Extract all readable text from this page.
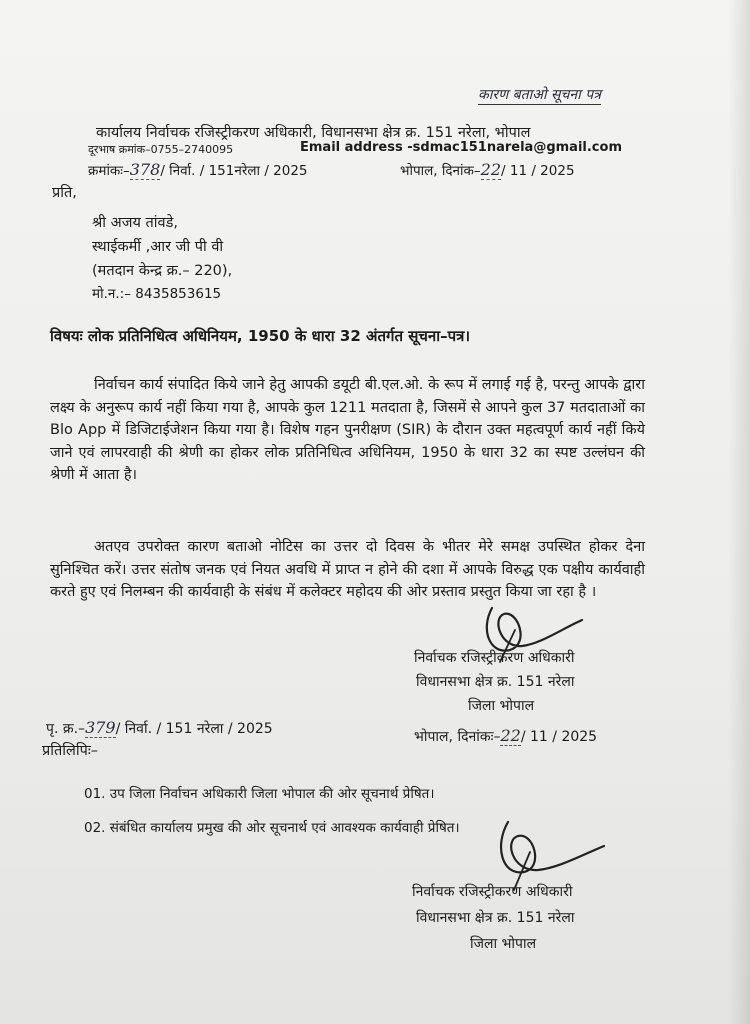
कारण बताओ सूचना पत्र
कार्यालय निर्वाचक रजिस्ट्रीकरण अधिकारी, विधानसभा क्षेत्र क्र. 151 नरेला, भोपाल
दूरभाष क्रमांक–0755–2740095	Email address -sdmac151narela@gmail.com
क्रमांकः–378/ निर्वा. / 151नरेला / 2025	भोपाल, दिनांक–22/ 11 / 2025
प्रति,
श्री अजय तांवडे,
स्थाईकर्मी ,आर जी पी वी
(मतदान केन्द्र क्र.– 220),
मो.न.:– 8435853615
विषयः लोक प्रतिनिधित्व अधिनियम, 1950 के धारा 32 अंतर्गत सूचना–पत्र।
निर्वाचन कार्य संपादित किये जाने हेतु आपकी डयूटी बी.एल.ओ. के रूप में लगाई गई है, परन्तु आपके द्वारा लक्ष्य के अनुरूप कार्य नहीं किया गया है, आपके कुल 1211 मतदाता है, जिसमें से आपने कुल 37 मतदाताओं का Blo App में डिजिटाईजेशन किया गया है। विशेष गहन पुनरीक्षण (SIR) के दौरान उक्त महत्वपूर्ण कार्य नहीं किये जाने एवं लापरवाही की श्रेणी का होकर लोक प्रतिनिधित्व अधिनियम, 1950 के धारा 32 का स्पष्ट उल्लंघन की श्रेणी में आता है।
अतएव उपरोक्त कारण बताओ नोटिस का उत्तर दो दिवस के भीतर मेरे समक्ष उपस्थित होकर देना सुनिश्चित करें। उत्तर संतोष जनक एवं नियत अवधि में प्राप्त न होने की दशा में आपके विरुद्ध एक पक्षीय कार्यवाही करते हुए एवं निलम्बन की कार्यवाही के संबंध में कलेक्टर महोदय की ओर प्रस्ताव प्रस्तुत किया जा रहा है ।
निर्वाचक रजिस्ट्रीकरण अधिकारी
विधानसभा क्षेत्र क्र. 151 नरेला
जिला भोपाल
पृ. क्र.–379/ निर्वा. / 151 नरेला / 2025	भोपाल, दिनांकः–22/ 11 / 2025
प्रतिलिपिः–
01. उप जिला निर्वाचन अधिकारी जिला भोपाल की ओर सूचनार्थ प्रेषित।
02. संबंधित कार्यालय प्रमुख की ओर सूचनार्थ एवं आवश्यक कार्यवाही प्रेषित।
निर्वाचक रजिस्ट्रीकरण अधिकारी
विधानसभा क्षेत्र क्र. 151 नरेला
जिला भोपाल
